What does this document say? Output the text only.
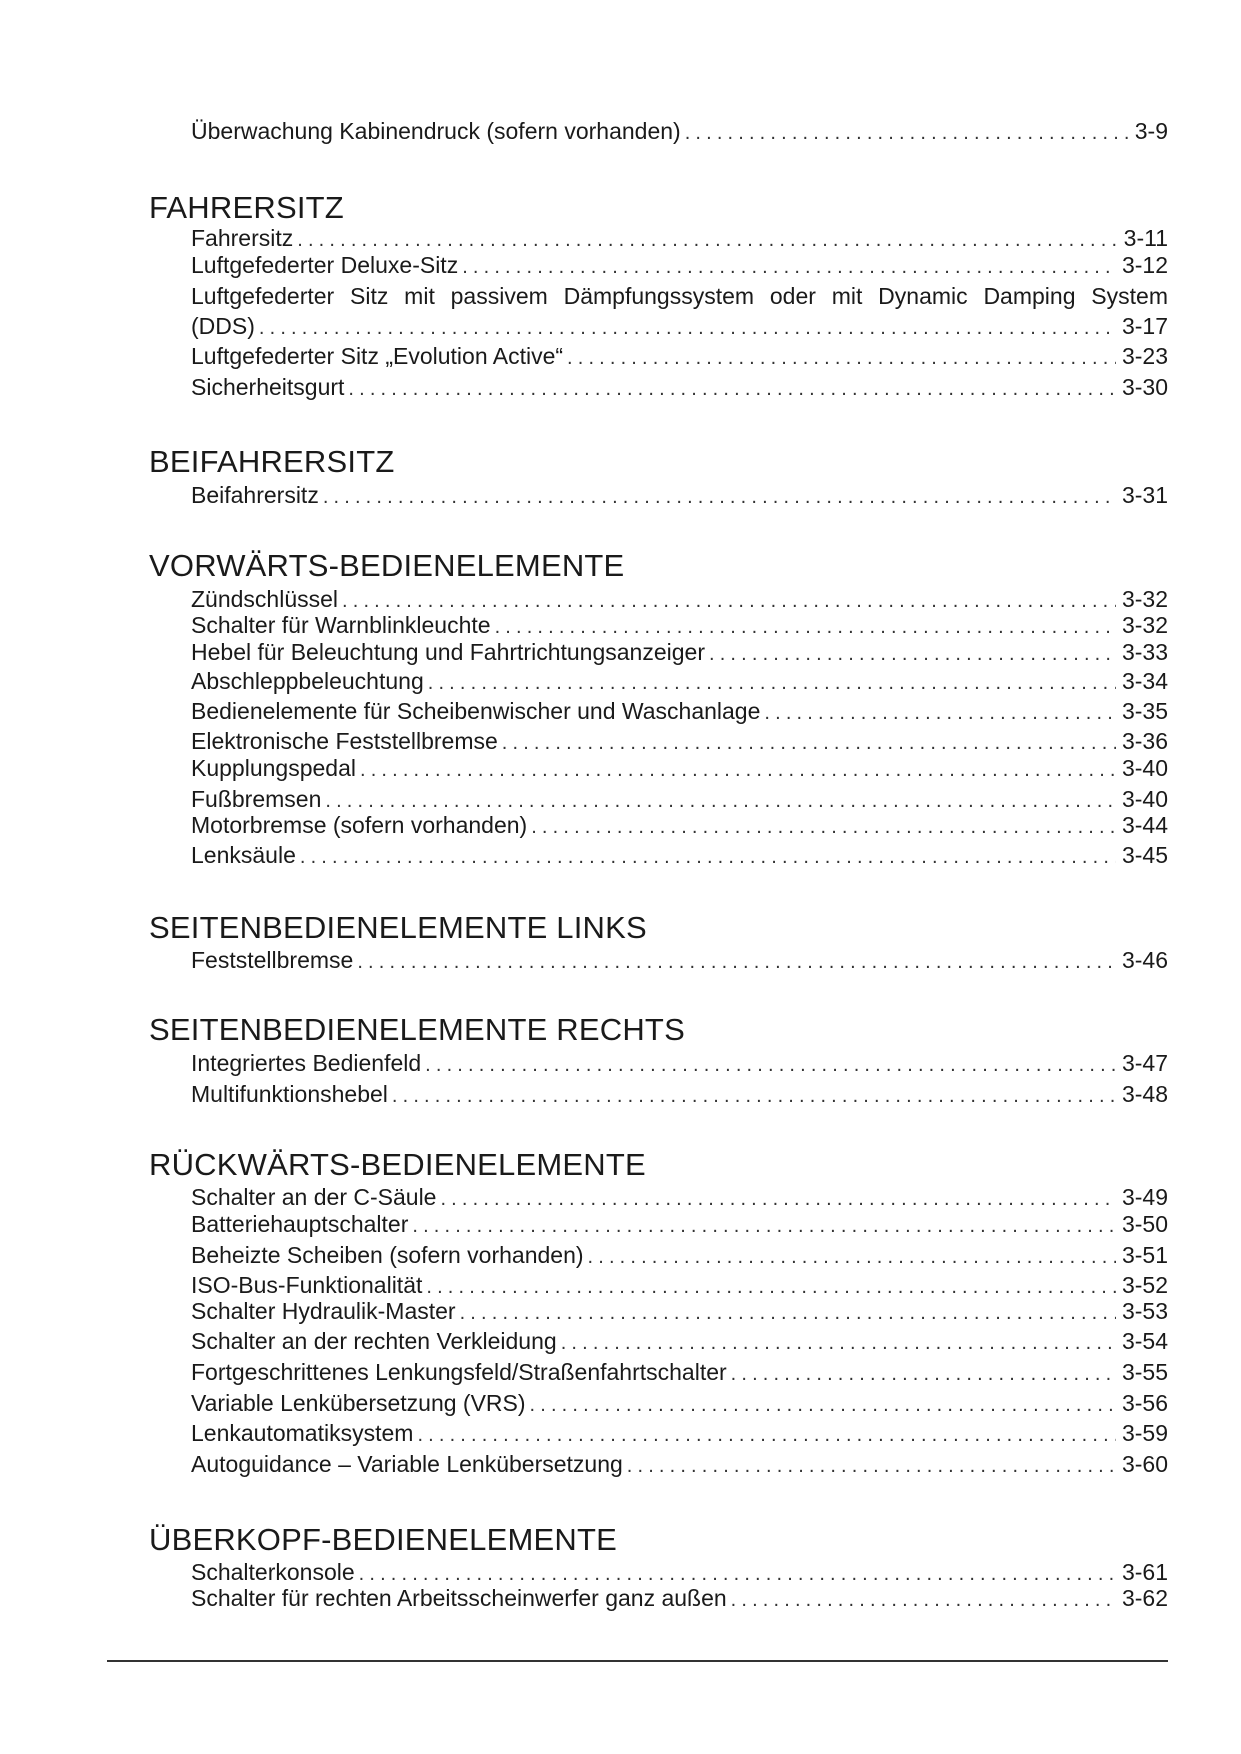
Überwachung Kabinendruck (sofern vorhanden) . . .	3-9
FAHRERSITZ
Fahrersitz . . .	3-11
Luftgefederter Deluxe-Sitz . . .	3-12
Luftgefederter Sitz mit passivem Dämpfungssystem oder mit Dynamic Damping System
(DDS) . . .	3-17
Luftgefederter Sitz „Evolution Active“ . . .	3-23
Sicherheitsgurt . . .	3-30
BEIFAHRERSITZ
Beifahrersitz . . .	3-31
VORWÄRTS-BEDIENELEMENTE
Zündschlüssel . . .	3-32
Schalter für Warnblinkleuchte . . .	3-32
Hebel für Beleuchtung und Fahrtrichtungsanzeiger . . .	3-33
Abschleppbeleuchtung . . .	3-34
Bedienelemente für Scheibenwischer und Waschanlage . . .	3-35
Elektronische Feststellbremse . . .	3-36
Kupplungspedal . . .	3-40
Fußbremsen . . .	3-40
Motorbremse (sofern vorhanden) . . .	3-44
Lenksäule . . .	3-45
SEITENBEDIENELEMENTE LINKS
Feststellbremse . . .	3-46
SEITENBEDIENELEMENTE RECHTS
Integriertes Bedienfeld . . .	3-47
Multifunktionshebel . . .	3-48
RÜCKWÄRTS-BEDIENELEMENTE
Schalter an der C-Säule . . .	3-49
Batteriehauptschalter . . .	3-50
Beheizte Scheiben (sofern vorhanden) . . .	3-51
ISO-Bus-Funktionalität . . .	3-52
Schalter Hydraulik-Master . . .	3-53
Schalter an der rechten Verkleidung . . .	3-54
Fortgeschrittenes Lenkungsfeld/Straßenfahrtschalter . . .	3-55
Variable Lenkübersetzung (VRS) . . .	3-56
Lenkautomatiksystem . . .	3-59
Autoguidance – Variable Lenkübersetzung . . .	3-60
ÜBERKOPF-BEDIENELEMENTE
Schalterkonsole . . .	3-61
Schalter für rechten Arbeitsscheinwerfer ganz außen . . .	3-62
